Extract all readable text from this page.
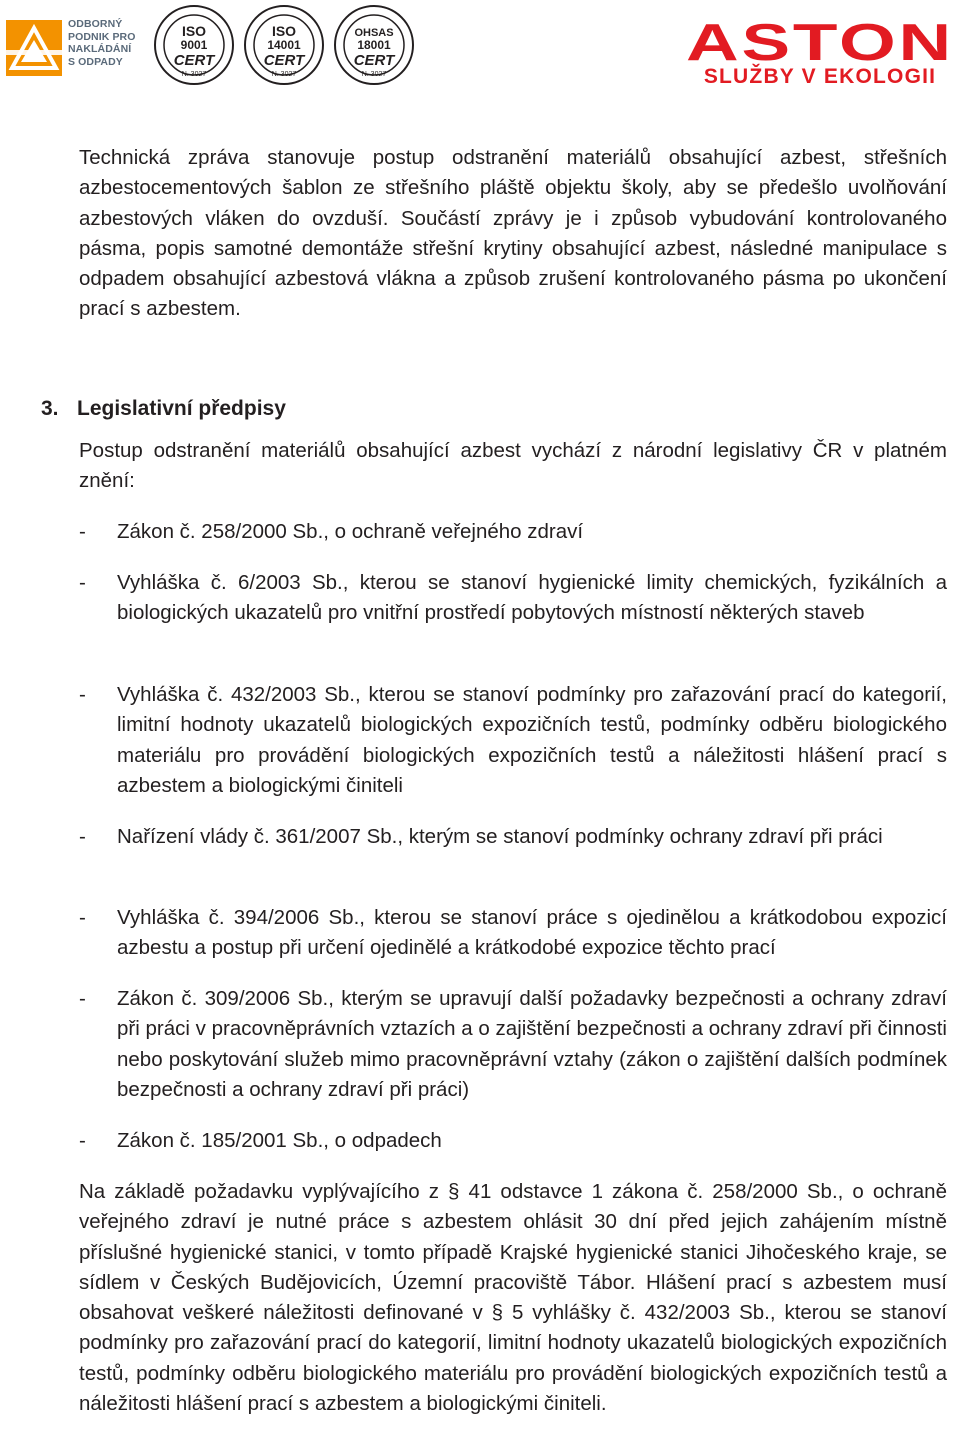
ODBORNÝ
PODNIK PRO
NAKLÁDÁNÍ
S ODPADY
ISO
9001
CERT
N. 3027
ISO
14001
CERT
N. 3027
OHSAS
18001
CERT
N. 3027
ASTON
SLUŽBY V EKOLOGII

Technická zpráva stanovuje postup odstranění materiálů obsahující azbest, střešních azbestocementových šablon ze střešního pláště objektu školy, aby se předešlo uvolňování azbestových vláken do ovzduší. Součástí zprávy je i způsob vybudování kontrolovaného pásma, popis samotné demontáže střešní krytiny obsahující azbest, následné manipulace s odpadem obsahující azbestová vlákna a způsob zrušení kontrolovaného pásma po ukončení prací s azbestem.

3. Legislativní předpisy

Postup odstranění materiálů obsahující azbest vychází z národní legislativy ČR v platném znění:

- Zákon č. 258/2000 Sb., o ochraně veřejného zdraví
- Vyhláška č. 6/2003 Sb., kterou se stanoví hygienické limity chemických, fyzikálních a biologických ukazatelů pro vnitřní prostředí pobytových místností některých staveb
- Vyhláška č. 432/2003 Sb., kterou se stanoví podmínky pro zařazování prací do kategorií, limitní hodnoty ukazatelů biologických expozičních testů, podmínky odběru biologického materiálu pro provádění biologických expozičních testů a náležitosti hlášení prací s azbestem a biologickými činiteli
- Nařízení vlády č. 361/2007 Sb., kterým se stanoví podmínky ochrany zdraví při práci
- Vyhláška č. 394/2006 Sb., kterou se stanoví práce s ojedinělou a krátkodobou expozicí azbestu a postup při určení ojedinělé a krátkodobé expozice těchto prací
- Zákon č. 309/2006 Sb., kterým se upravují další požadavky bezpečnosti a ochrany zdraví při práci v pracovněprávních vztazích a o zajištění bezpečnosti a ochrany zdraví při činnosti nebo poskytování služeb mimo pracovněprávní vztahy (zákon o zajištění dalších podmínek bezpečnosti a ochrany zdraví při práci)
- Zákon č. 185/2001 Sb., o odpadech

Na základě požadavku vyplývajícího z § 41 odstavce 1 zákona č. 258/2000 Sb., o ochraně veřejného zdraví je nutné práce s azbestem ohlásit 30 dní před jejich zahájením místně příslušné hygienické stanici, v tomto případě Krajské hygienické stanici Jihočeského kraje, se sídlem v Českých Budějovicích, Územní pracoviště Tábor. Hlášení prací s azbestem musí obsahovat veškeré náležitosti definované v § 5 vyhlášky č. 432/2003 Sb., kterou se stanoví podmínky pro zařazování prací do kategorií, limitní hodnoty ukazatelů biologických expozičních testů, podmínky odběru biologického materiálu pro provádění biologických expozičních testů a náležitosti hlášení prací s azbestem a biologickými činiteli.
